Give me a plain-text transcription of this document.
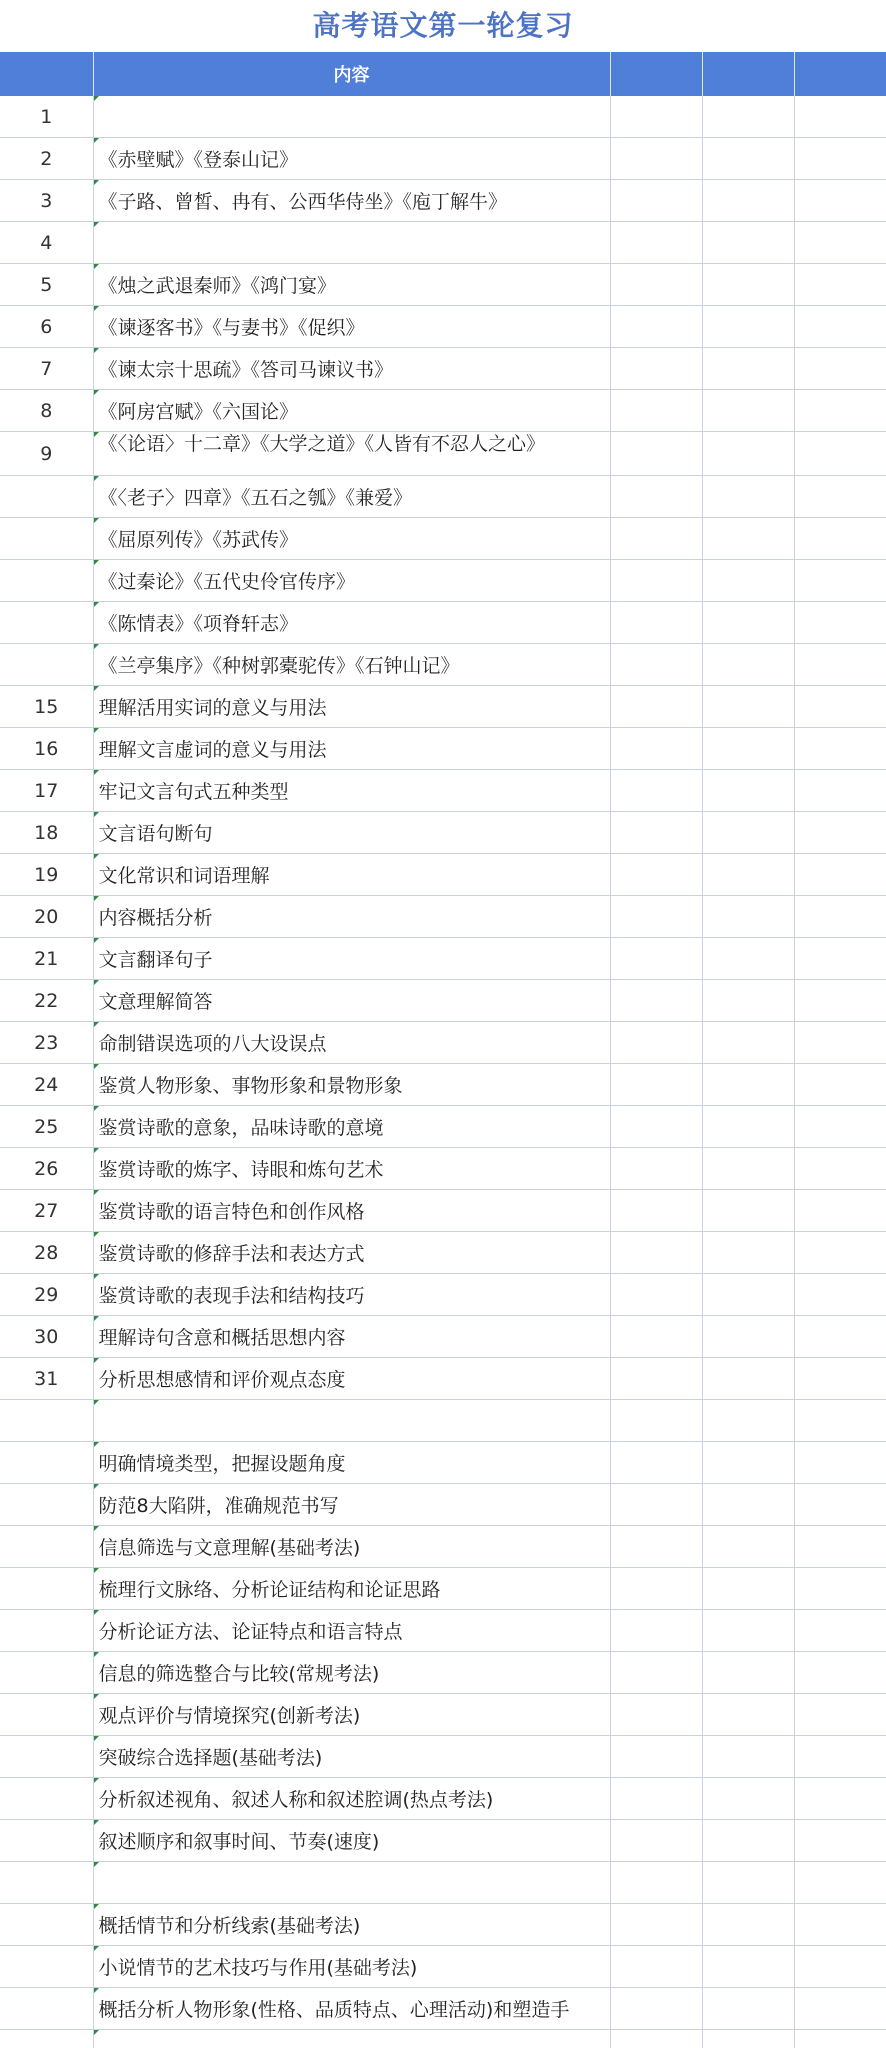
高考语文第一轮复习
	内容			
1				
2	《赤壁赋》《登泰山记》			
3	《子路、曾皙、冉有、公西华侍坐》《庖丁解牛》			
4				
5	《烛之武退秦师》《鸿门宴》			
6	《谏逐客书》《与妻书》《促织》			
7	《谏太宗十思疏》《答司马谏议书》			
8	《阿房宫赋》《六国论》			
9	《〈论语〉十二章》《大学之道》《人皆有不忍人之心》			
	《〈老子〉四章》《五石之瓠》《兼爱》			
	《屈原列传》《苏武传》			
	《过秦论》《五代史伶官传序》			
	《陈情表》《项脊轩志》			
	《兰亭集序》《种树郭橐驼传》《石钟山记》			
15	理解活用实词的意义与用法			
16	理解文言虚词的意义与用法			
17	牢记文言句式五种类型			
18	文言语句断句			
19	文化常识和词语理解			
20	内容概括分析			
21	文言翻译句子			
22	文意理解简答			
23	命制错误选项的八大设误点			
24	鉴赏人物形象、事物形象和景物形象			
25	鉴赏诗歌的意象，品味诗歌的意境			
26	鉴赏诗歌的炼字、诗眼和炼句艺术			
27	鉴赏诗歌的语言特色和创作风格			
28	鉴赏诗歌的修辞手法和表达方式			
29	鉴赏诗歌的表现手法和结构技巧			
30	理解诗句含意和概括思想内容			
31	分析思想感情和评价观点态度			

	明确情境类型，把握设题角度			
	防范8大陷阱，准确规范书写			
	信息筛选与文意理解(基础考法)			
	梳理行文脉络、分析论证结构和论证思路			
	分析论证方法、论证特点和语言特点			
	信息的筛选整合与比较(常规考法)			
	观点评价与情境探究(创新考法)			
	突破综合选择题(基础考法)			
	分析叙述视角、叙述人称和叙述腔调(热点考法)			
	叙述顺序和叙事时间、节奏(速度)			

	概括情节和分析线索(基础考法)			
	小说情节的艺术技巧与作用(基础考法)			
	概括分析人物形象(性格、品质特点、心理活动)和塑造手			
